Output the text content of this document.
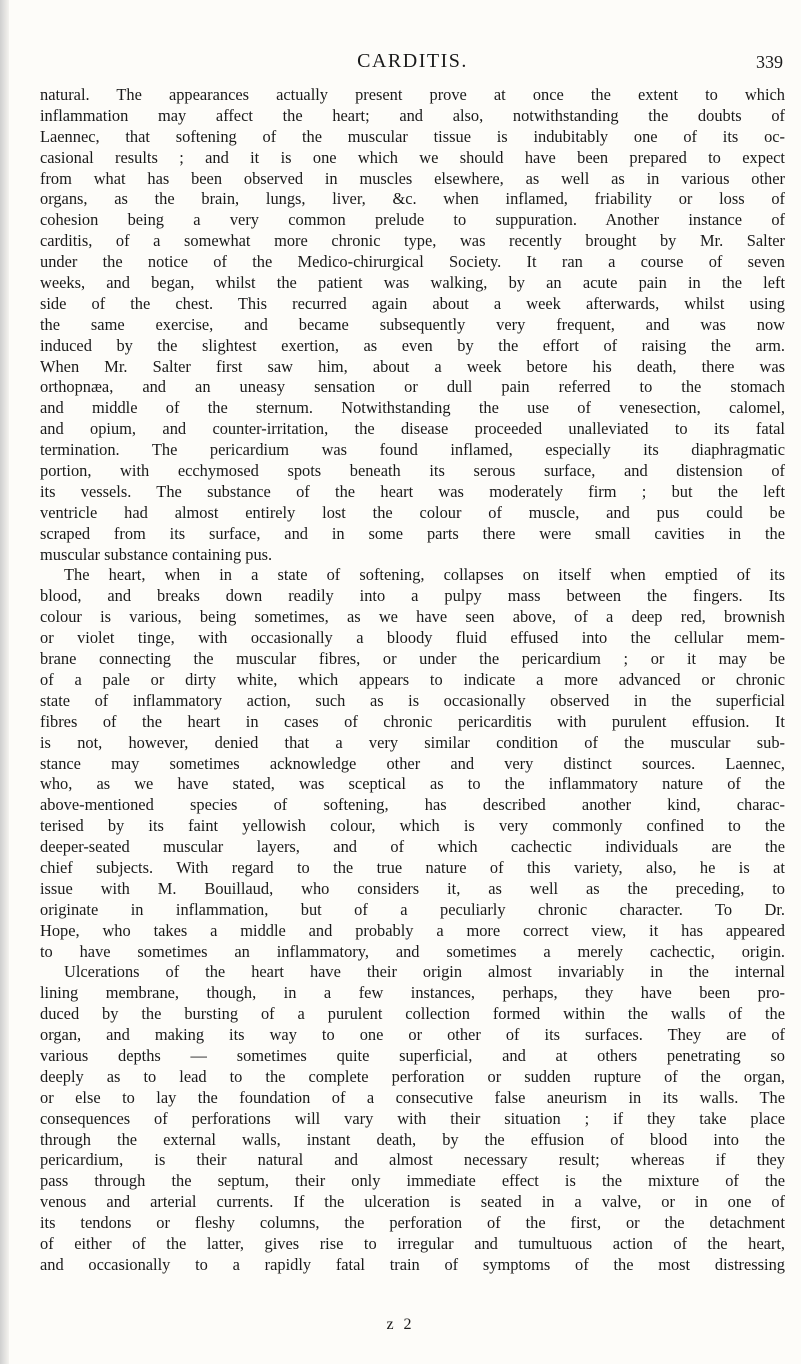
CARDITIS.	339
natural. The appearances actually present prove at once the extent to which
inflammation may affect the heart; and also, notwithstanding the doubts of
Laennec, that softening of the muscular tissue is indubitably one of its oc-
casional results ; and it is one which we should have been prepared to expect
from what has been observed in muscles elsewhere, as well as in various other
organs, as the brain, lungs, liver, &c. when inflamed, friability or loss of
cohesion being a very common prelude to suppuration. Another instance of
carditis, of a somewhat more chronic type, was recently brought by Mr. Salter
under the notice of the Medico-chirurgical Society. It ran a course of seven
weeks, and began, whilst the patient was walking, by an acute pain in the left
side of the chest. This recurred again about a week afterwards, whilst using
the same exercise, and became subsequently very frequent, and was now
induced by the slightest exertion, as even by the effort of raising the arm.
When Mr. Salter first saw him, about a week betore his death, there was
orthopnæa, and an uneasy sensation or dull pain referred to the stomach
and middle of the sternum. Notwithstanding the use of venesection, calomel,
and opium, and counter-irritation, the disease proceeded unalleviated to its fatal
termination. The pericardium was found inflamed, especially its diaphragmatic
portion, with ecchymosed spots beneath its serous surface, and distension of
its vessels. The substance of the heart was moderately firm ; but the left
ventricle had almost entirely lost the colour of muscle, and pus could be
scraped from its surface, and in some parts there were small cavities in the
muscular substance containing pus.
The heart, when in a state of softening, collapses on itself when emptied of its
blood, and breaks down readily into a pulpy mass between the fingers. Its
colour is various, being sometimes, as we have seen above, of a deep red, brownish
or violet tinge, with occasionally a bloody fluid effused into the cellular mem-
brane connecting the muscular fibres, or under the pericardium ; or it may be
of a pale or dirty white, which appears to indicate a more advanced or chronic
state of inflammatory action, such as is occasionally observed in the superficial
fibres of the heart in cases of chronic pericarditis with purulent effusion. It
is not, however, denied that a very similar condition of the muscular sub-
stance may sometimes acknowledge other and very distinct sources. Laennec,
who, as we have stated, was sceptical as to the inflammatory nature of the
above-mentioned species of softening, has described another kind, charac-
terised by its faint yellowish colour, which is very commonly confined to the
deeper-seated muscular layers, and of which cachectic individuals are the
chief subjects. With regard to the true nature of this variety, also, he is at
issue with M. Bouillaud, who considers it, as well as the preceding, to
originate in inflammation, but of a peculiarly chronic character. To Dr.
Hope, who takes a middle and probably a more correct view, it has appeared
to have sometimes an inflammatory, and sometimes a merely cachectic, origin.
Ulcerations of the heart have their origin almost invariably in the internal
lining membrane, though, in a few instances, perhaps, they have been pro-
duced by the bursting of a purulent collection formed within the walls of the
organ, and making its way to one or other of its surfaces. They are of
various depths — sometimes quite superficial, and at others penetrating so
deeply as to lead to the complete perforation or sudden rupture of the organ,
or else to lay the foundation of a consecutive false aneurism in its walls. The
consequences of perforations will vary with their situation ; if they take place
through the external walls, instant death, by the effusion of blood into the
pericardium, is their natural and almost necessary result; whereas if they
pass through the septum, their only immediate effect is the mixture of the
venous and arterial currents. If the ulceration is seated in a valve, or in one of
its tendons or fleshy columns, the perforation of the first, or the detachment
of either of the latter, gives rise to irregular and tumultuous action of the heart,
and occasionally to a rapidly fatal train of symptoms of the most distressing
z 2
